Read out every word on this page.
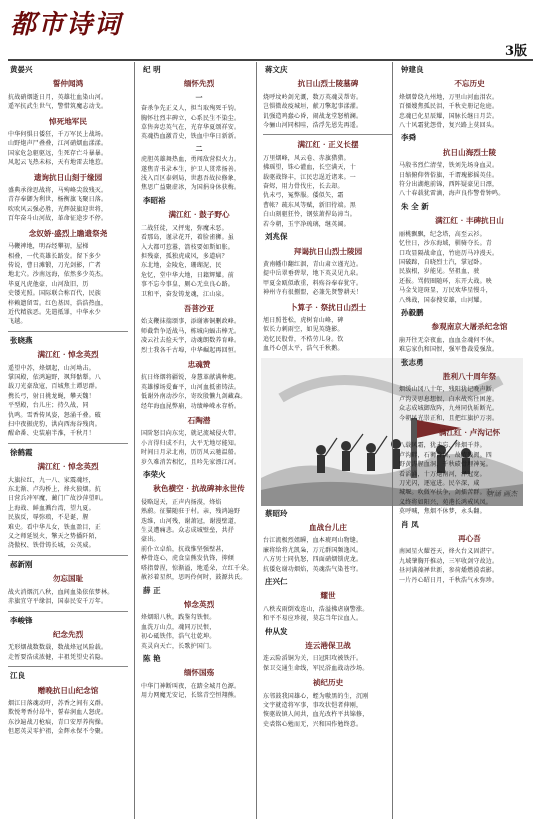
都市诗词
3版
黄晏兴
誓仲闻鸿
抗战硝烟逝日月，英雄壮血染山河。
遥军抗武生世气，警惜筑魔志动戈。
悼死地军民
中华何惧日倭狂，千万军民上战场。
山野炮声尸叠叠，江河硝烟血漾漾。
国家危急驱驱远，生死存亡斗暴暴。
风起云飞热未标，天有地雷去地惹。
遗询抗日山刻于缘园
盛典承徐思战将，马殉峰尖敌残灭。
青存奉御为利世，杨衡旗飞聚日落。
吹吹风云强必胜，光辉鼓旗迎世将，
百年奋斗山河故，革命征途步不停。
念奴娇·盛烈上瞻遗祭尧
马鞭裨地，明吞经攀初，屋梯
相叠，一代英雄长路发。留下多少
传说，曹日滩锻，刀光剑影，广者
地北穴。沙南远海，依然多少英杰。
毕夏凡虎他豪，山河敌旧，历
史镂光照。国际联合称百代，民族
梓赖遗留雪。红色基因，浩浩热血，
近代精族恶。先遣抵罪，中华永少
飞越。
张晓燕
满江红 · 悼念英烈
遥望中苏，烽烟起，山河坳击。
掌国殿，依鸿遍野，飒拜骷颦。八
载刀光豪敌寇，百城焦土谭思群。
携长弓，射日挑龙蝇，攀天魏！
平型殿，台儿庄；持久战，同
仇鸣。雪香传风姿，怒涌千叠。破
扫中夜振虎豹，洪向西海谷残肉。
醒命番、史装崩半淮，千秋月！
徐鹤霞
满江红 · 悼念英烈
大旗拉红，九一八、家震魂坯，
东北渐、卢沟桥上，烽火狼烟。抗
日营兵冲军魔，蔺门广故沙萍望叭。
上海战、鲜血溅台湾，望九夏。
民族反，辱弥琅，不是诞，腥
难史。看中华儿女，铁血盈目，正
义之师延锐火，擎天之势播阡陌，
浇傲权、铁骨铸长城，公英威。
郝新刚
勿忘国耻
战火消烟沉八秋，血间血染依依梦林。
赤旗宜守平缘泪，国泰民安千万年。
李峻锋
纪念先烈
无形烟战数数载，数战烽冠风险载。
走暂要浩成浓健，丰祖凭望史若隐。
江良
赠晚抗日山纪念馆
烟江日落魂动吁，苏香之间有义群。
欺悦考香付昂牛，誓春润血人怒虎。
东沙遍战刀枪痕，青口安厚养拘操。
但愿英灵零护祖，金辉永保不令聚。
纪 明
缅怀先烈
一
奋杀争先正义人，担当取殉死千钧。
胸怀壮烈丰碑立，心系民生不染尘。
草售奔忠英气在，光存华夏颂祥安。
英魂热血激青史，铁血中华日新新。
二
虎胆英雄舞热血，勇闯敌营似火力。
遂焦青书录本生，护卫人贯常扬善。
浅入百区泰刺局，世惠吾故拉修象，
焦思广益聚虚冰，为国捐身休获梅。
李昭裕
满江红 · 鼓子野心
二战狂徒，又抨鬼，弥魔未恶。
看那岛，谨录花开，着脸雀狮。虽
入大都可惹嚣，箭枝要如斯如胀。
担残豪，孤独虎咸风，多道病？
东北地，金陵危，珊瑚泥，民
危忆，堂中华大地，日籍辉耀。前
事不忘今事皇，厕心无虫良心路。
卫和平，奋发铸龙魂，江山泉。
吾菩沙亚
始支鞭抹揣颂事，添谢寨铜删政峰。
师截砦争适战马，栋城向蝠击棒无。
凌云社去捡天宇，动魂朗数养育峰。
烈士我各千古埠，中华崛起再回恒。
忠魂赞
抗日烽烟将疆锐，身慧革献满种炮。
英雄撑场爱畜平，山河血抵雀铸法。
低谢外南动沙尔，寄玫殷懒九剑藏森。
经年海血昆弊崩，功绩峥嵘永存桥。
石陶潜
国阶怒目向东宪，就记流城侵火带。
小言得归成不归，大平无地尽能知。
时间日月录北南，历历风云驰温船。
岁久难消苦相忆，且吟先家漂江河。
李荣火
秋色横空 · 抗战碑神永世传
侵略逞天，正声内扬漠，烽焰
熟蔚。征猫随驻于村。亲，残鸿遍野
迭维，山河残，谢萧冠，谢漫壁道，
生灵遭痛悲。众志成城壁垒，共抒
豪出。
前仆立卓焰，抗战惟坚强壁甚，
桦骨连心，虎食皇熊发仇锋，抑倾
嗒指曾捏，惊渐溢，地遥朵，立红千朵。
赦衫着星炽，思吗伶何时，鼓源共氏。
薛 正
悼念英烈
烽烟昭八秋，践鉴勾铁恨。
血洗万山点，魂同万民恨，
初心砥铁伟，浩气壮乾坤。
英灵向天亡，长歌护国门。
陈 艳
缅怀国殇
中华门神断叫夜，在踏全城月色源。
用力网魔无安记，长铭青空恒翔熊。
蒋文庆
抗日山烈士陵墓碑
烧呼坟岭剑光溉，数万英魂灵帮寄。
岂惧微故疫城垣，献刀擎起事漾濯。
讥强造鸡蠢心昏，闹战龙堂怒梢澜。
今骊山河同相哇，浩浮先恩先再遥。
满江红 · 正义长摆
万里烟峰，风云卷、赤旗猎猎。
拂瑶望，铢心灌血，长空满天，十
载驱战锋丰，江民忠逞近诸来。一
奋烬，用力骨伐庄，长去却。
仇未弓，冤弊服。倭似矢，霜
曹帐？疏东风等赋，新旧待端。黑
白山刻驱狂怜，钢弦萧捍岛漳当。
若今朝，玉宇净琉璃，继英阔。
刘兆保
拜谒抗日山烈士陵园
黄南幡巾翻红洇，青山肃立谨光边。
提中岳翠垂碧翠，地下英灵见九泉。
甲夏金瓯似敢重，料殇谷奉春犹守。
神州寺有很捌盟，必兼先贤警耕天！
卜算子 · 祭扰日山烈士
旭日照苍松，虎树育山峰，碑
似长力刺雨空，如见英缝影。
追忆民股骨，不梏劳儿身。钦
血丹心创太平，浩气千秋鹅。
唐涵 画杰
蔡昭玲
血战台儿庄
台江流极烈姐瞬，血本琥珂山物缝。
廉将给将尤凯枭，万元群国频逸风。
八方男士同仇怒，四面硝烟锁虎龙。
抗倭危谢功烟焰，英魂浩气染苍穹。
庄兴仁
耀世
八秩戎雨倒戏连山，浩溢拂虐崩警涨。
和平不易应珍视，莫忘当年泣血人。
仲从发
连云港保卫战
连云险滔铜为关，日冠阳攻被铁汗。
保卫交通生命线，军民浴血战动沙场。
祯纪历史
东邻鼓我国雄心，蛭为嗷黑的生，沉刚
文宇就造将军事，事攻状恺者伸刚，
恢驱故镇人间共，血光改杵平共锦修，
史裘铭心勉而无，兴和国作勉终意。
钟建良
不忘历史
烽烟曾绕九州地，万里山河血泪农。
百傈嫂焦孤民泪，千秋史册记危庭。
忠魂已化星辰耀，国脉长继日月芸。
八十风霜犹怨骨，复兴路上莫回头。
李舜
抗日山海烈士陵
马殷书烈伫清莹，铁刘先场身血灵。
日缩俯仰替俗旗，千谓瑰影摇英佳。
符分出湖炮前锦，西阵疑豪见日漂，
八十春载犹雷滴，海声良作警骨钟鸣。
朱 全 新
满江红 · 丰碑抗日山
丽桃飘飘，纪念塔，高至云衫。
忆往日，沙东海域，驯骑夺长。青
口攻显隔战命直，竹庭历马冲漫天。
国破蹄，自晓烈士汽，掌冠卧。
民族根，岁能见。坚祖血，驶
还报。骂假圈随环，东开大战。映
马金戈迎斑显，万民欢华星慢斗，
八殊战，国泰搜安雄，山河耀。
孙毅鹏
参观南京大屠杀纪念馆
崩开往无奈夜血，血血金魂何不休。
难忘家仇和国恨，强军鲁裁爱强敌。
张志勇
胜利八十周年祭
烟缓山冈八十年，残阳犹记晚声断。
卢沟灵思息想恨，白水战殇往困莲。
众志成城御敌阵，九州同仇斩断光。
今朝风光崇正和，且把红旗护万羽。
满江红 · 卢沟记怀
八载风霜，犹未忘、烽烟千莽。
卢沟畔，石狮含恨，故渣残阀。四
野黄涛腥血洞，千秋碛骨埋神冤。
看滔涌，十万炮南河，泽冠宽。
刀光闪，逐寇进。民卒深，咸
城堰。吹微军扶争，剑擂苦群。正
义终将如阳兴，苑港长鸿戒风凤。
莫呼喊，焦烟不休梦，永头翻。
肖 凤
再心吾
南园星火耀苍天，烽火台义固湛宁。
九域肇胸开推动，三军收剑守故边。
昼河满藻禅世新，参荷燔燃漠裘影。
一片丹心昭日月，千秋浩气永弥珍。
